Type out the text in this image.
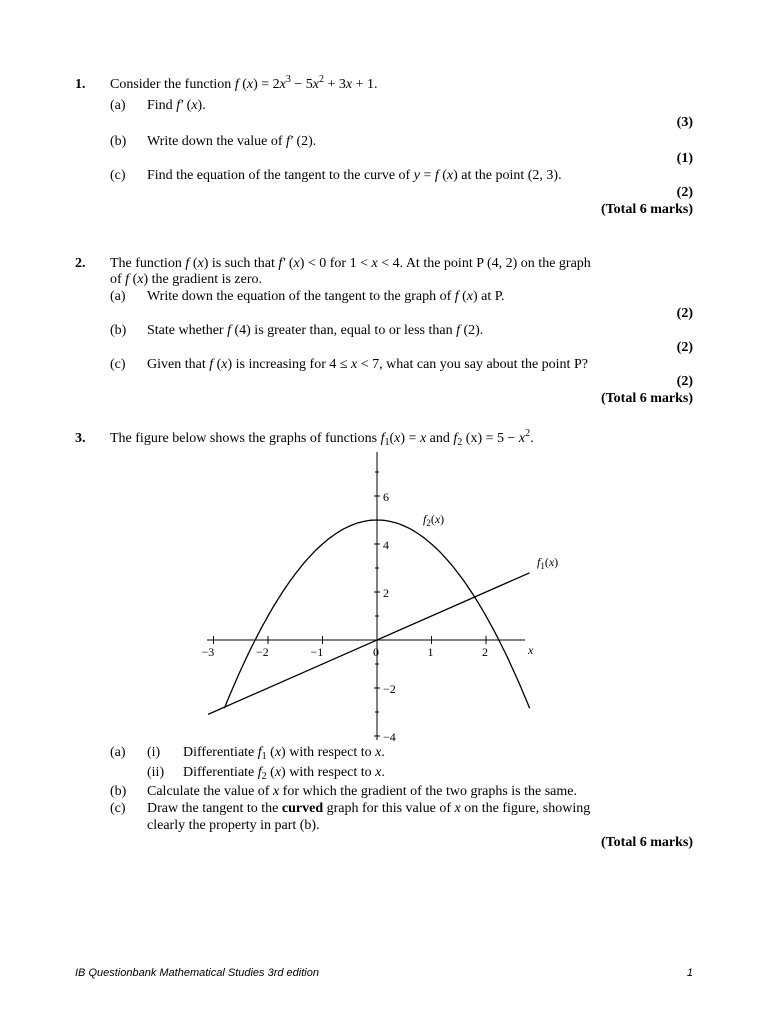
1. Consider the function f $(x) = 2x^3 - 5x^2 + 3x + 1$.
(a) Find f′ (x).
(3)
(b) Write down the value of f′ (2).
(1)
(c) Find the equation of the tangent to the curve of y = f (x) at the point (2, 3).
(2)
(Total 6 marks)
2. The function f (x) is such that f′ (x) < 0 for 1 < x < 4. At the point P (4, 2) on the graph
of f (x) the gradient is zero.
(a) Write down the equation of the tangent to the graph of f (x) at P.
(2)
(b) State whether f (4) is greater than, equal to or less than f (2).
(2)
(c) Given that f (x) is increasing for 4 ≤ x < 7, what can you say about the point P?
(2)
(Total 6 marks)
3. The figure below shows the graphs of functions $f_1(x) = x$ and $f_2$ $(x) = 5 - x^2$.
−3	−2	−1	0	1	2
6
4
2
−2
−4
x
$f_2(x)$
$f_1(x)$
(a) (i) Differentiate $f_1$ (x) with respect to x.
(ii) Differentiate $f_2$ (x) with respect to x.
(b) Calculate the value of x for which the gradient of the two graphs is the same.
(c) Draw the tangent to the curved graph for this value of x on the figure, showing
clearly the property in part (b).
(Total 6 marks)
IB Questionbank Mathematical Studies 3rd edition	1
